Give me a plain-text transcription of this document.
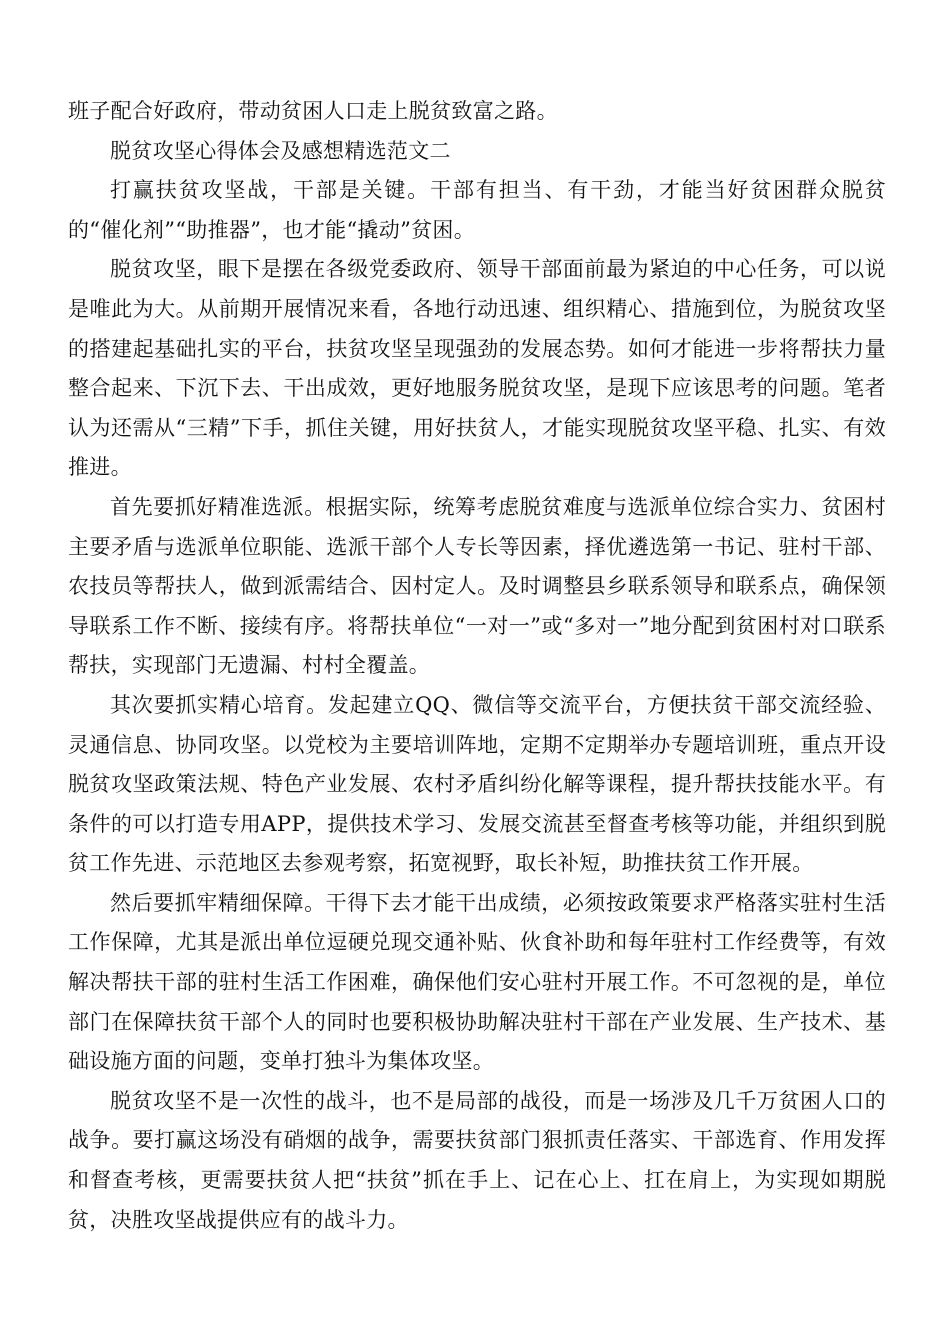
班子配合好政府，带动贫困人口走上脱贫致富之路。

脱贫攻坚心得体会及感想精选范文二

打赢扶贫攻坚战，干部是关键。干部有担当、有干劲，才能当好贫困群众脱贫的“催化剂”“助推器”，也才能“撬动”贫困。

脱贫攻坚，眼下是摆在各级党委政府、领导干部面前最为紧迫的中心任务，可以说是唯此为大。从前期开展情况来看，各地行动迅速、组织精心、措施到位，为脱贫攻坚的搭建起基础扎实的平台，扶贫攻坚呈现强劲的发展态势。如何才能进一步将帮扶力量整合起来、下沉下去、干出成效，更好地服务脱贫攻坚，是现下应该思考的问题。笔者认为还需从“三精”下手，抓住关键，用好扶贫人，才能实现脱贫攻坚平稳、扎实、有效推进。

首先要抓好精准选派。根据实际，统筹考虑脱贫难度与选派单位综合实力、贫困村主要矛盾与选派单位职能、选派干部个人专长等因素，择优遴选第一书记、驻村干部、农技员等帮扶人，做到派需结合、因村定人。及时调整县乡联系领导和联系点，确保领导联系工作不断、接续有序。将帮扶单位“一对一”或“多对一”地分配到贫困村对口联系帮扶，实现部门无遗漏、村村全覆盖。

其次要抓实精心培育。发起建立QQ、微信等交流平台，方便扶贫干部交流经验、灵通信息、协同攻坚。以党校为主要培训阵地，定期不定期举办专题培训班，重点开设脱贫攻坚政策法规、特色产业发展、农村矛盾纠纷化解等课程，提升帮扶技能水平。有条件的可以打造专用APP，提供技术学习、发展交流甚至督查考核等功能，并组织到脱贫工作先进、示范地区去参观考察，拓宽视野，取长补短，助推扶贫工作开展。

然后要抓牢精细保障。干得下去才能干出成绩，必须按政策要求严格落实驻村生活工作保障，尤其是派出单位逗硬兑现交通补贴、伙食补助和每年驻村工作经费等，有效解决帮扶干部的驻村生活工作困难，确保他们安心驻村开展工作。不可忽视的是，单位部门在保障扶贫干部个人的同时也要积极协助解决驻村干部在产业发展、生产技术、基础设施方面的问题，变单打独斗为集体攻坚。

脱贫攻坚不是一次性的战斗，也不是局部的战役，而是一场涉及几千万贫困人口的战争。要打赢这场没有硝烟的战争，需要扶贫部门狠抓责任落实、干部选育、作用发挥和督查考核，更需要扶贫人把“扶贫”抓在手上、记在心上、扛在肩上，为实现如期脱贫，决胜攻坚战提供应有的战斗力。
